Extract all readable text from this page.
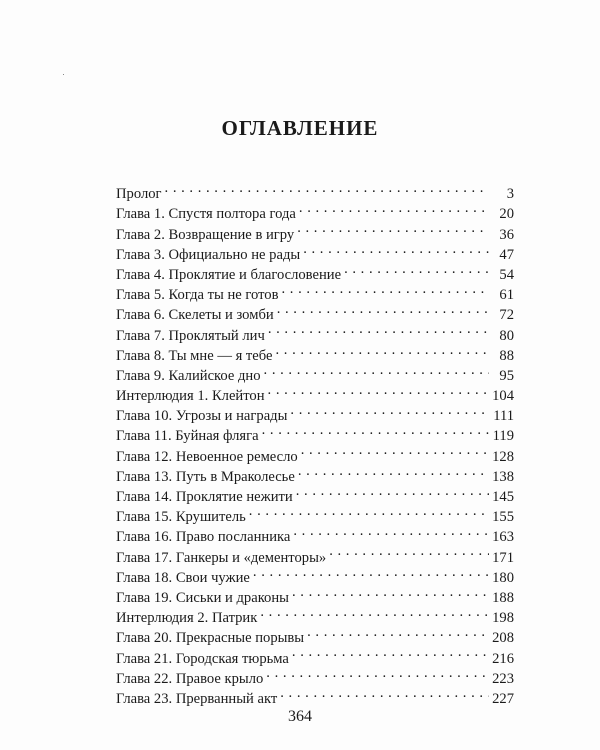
ОГЛАВЛЕНИЕ
Пролог . . .	3
Глава 1. Спустя полтора года . . .	20
Глава 2. Возвращение в игру . . .	36
Глава 3. Официально не рады . . .	47
Глава 4. Проклятие и благословение . . .	54
Глава 5. Когда ты не готов . . .	61
Глава 6. Скелеты и зомби . . .	72
Глава 7. Проклятый лич . . .	80
Глава 8. Ты мне — я тебе . . .	88
Глава 9. Калийское дно . . .	95
Интерлюдия 1. Клейтон . . .	104
Глава 10. Угрозы и награды . . .	111
Глава 11. Буйная фляга . . .	119
Глава 12. Невоенное ремесло . . .	128
Глава 13. Путь в Мраколесье . . .	138
Глава 14. Проклятие нежити . . .	145
Глава 15. Крушитель . . .	155
Глава 16. Право посланника . . .	163
Глава 17. Ганкеры и «дементоры» . . .	171
Глава 18. Свои чужие . . .	180
Глава 19. Сиськи и драконы . . .	188
Интерлюдия 2. Патрик . . .	198
Глава 20. Прекрасные порывы . . .	208
Глава 21. Городская тюрьма . . .	216
Глава 22. Правое крыло . . .	223
Глава 23. Прерванный акт . . .	227
364
